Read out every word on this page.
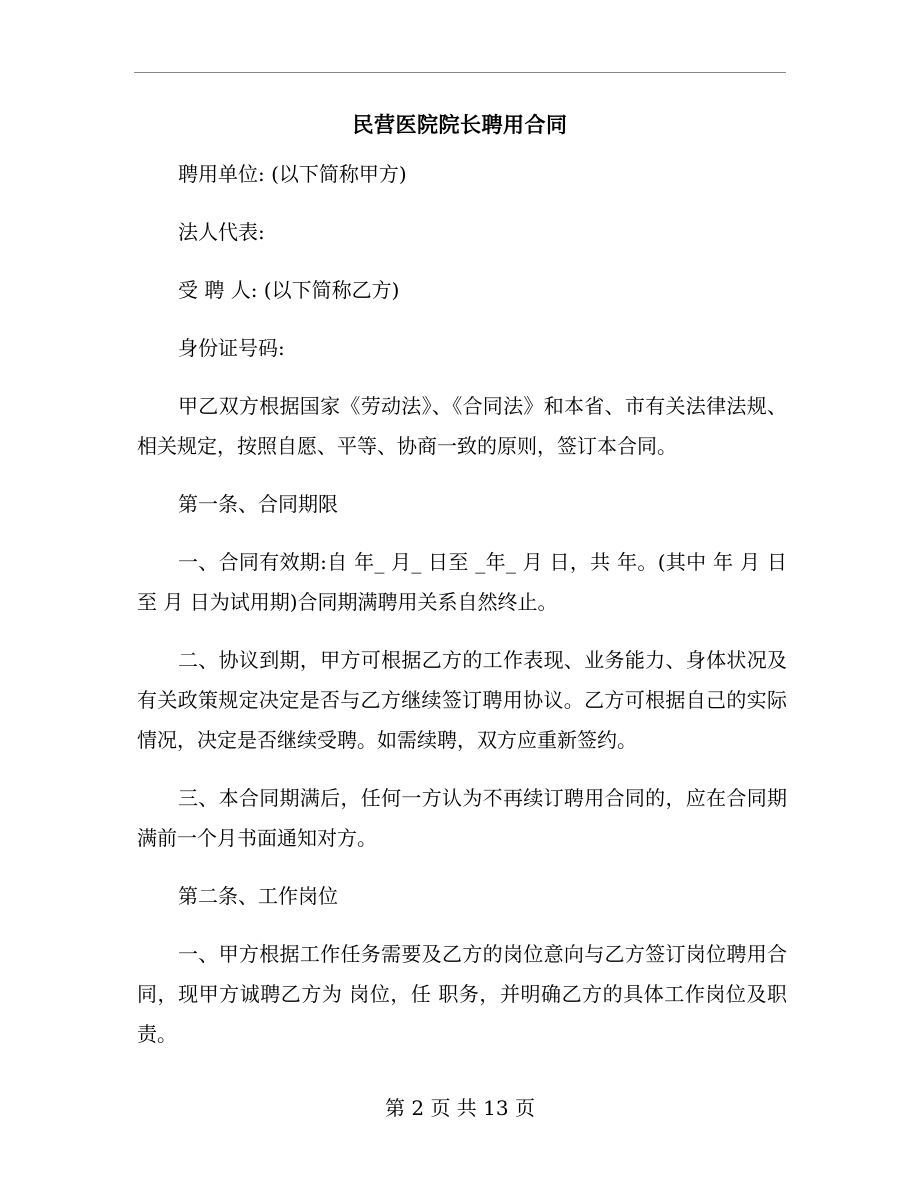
民营医院院长聘用合同

聘用单位: (以下简称甲方)

法人代表:

受 聘 人: (以下简称乙方)

身份证号码:

甲乙双方根据国家《劳动法》、《合同法》和本省、市有关法律法规、相关规定，按照自愿、平等、协商一致的原则，签订本合同。

第一条、合同期限

一、合同有效期:自 年_ 月_ 日至 _年_ 月 日，共 年。(其中 年 月 日至 月 日为试用期)合同期满聘用关系自然终止。

二、协议到期，甲方可根据乙方的工作表现、业务能力、身体状况及有关政策规定决定是否与乙方继续签订聘用协议。乙方可根据自己的实际情况，决定是否继续受聘。如需续聘，双方应重新签约。

三、本合同期满后，任何一方认为不再续订聘用合同的，应在合同期满前一个月书面通知对方。

第二条、工作岗位

一、甲方根据工作任务需要及乙方的岗位意向与乙方签订岗位聘用合同，现甲方诚聘乙方为 岗位，任 职务，并明确乙方的具体工作岗位及职责。

第 2 页 共 13 页
